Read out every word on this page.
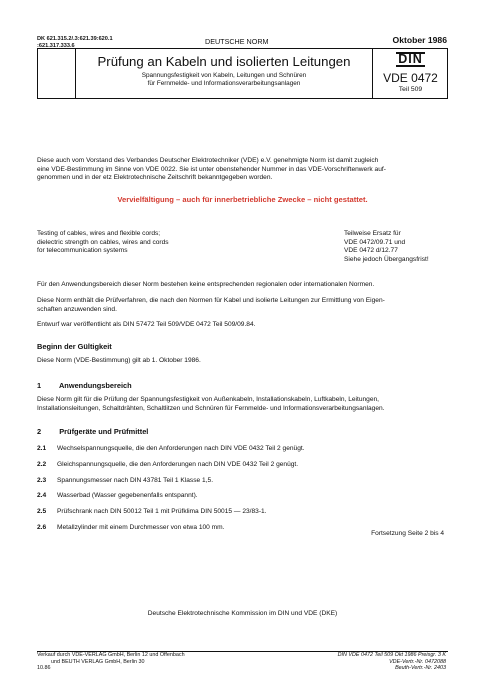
DK 621.315.2/.3:621.39:620.1
:621.317.333.6	DEUTSCHE NORM	Oktober 1986
Prüfung an Kabeln und isolierten Leitungen
Spannungsfestigkeit von Kabeln, Leitungen und Schnüren
für Fernmelde- und Informationsverarbeitungsanlagen
DIN
VDE 0472
Teil 509
Diese auch vom Vorstand des Verbandes Deutscher Elektrotechniker (VDE) e.V. genehmigte Norm ist damit zugleich
eine VDE-Bestimmung im Sinne von VDE 0022. Sie ist unter obenstehender Nummer in das VDE-Vorschriftenwerk auf-
genommen und in der etz Elektrotechnische Zeitschrift bekanntgegeben worden.
Vervielfältigung – auch für innerbetriebliche Zwecke – nicht gestattet.
Testing of cables, wires and flexible cords;
dielectric strength on cables, wires and cords
for telecommunication systems
Teilweise Ersatz für
VDE 0472/09.71 und
VDE 0472 d/12.77
Siehe jedoch Übergangsfrist!
Für den Anwendungsbereich dieser Norm bestehen keine entsprechenden regionalen oder internationalen Normen.
Diese Norm enthält die Prüfverfahren, die nach den Normen für Kabel und isolierte Leitungen zur Ermittlung von Eigen-
schaften anzuwenden sind.
Entwurf war veröffentlicht als DIN 57472 Teil 509/VDE 0472 Teil 509/09.84.
Beginn der Gültigkeit
Diese Norm (VDE-Bestimmung) gilt ab 1. Oktober 1986.
1 Anwendungsbereich
Diese Norm gilt für die Prüfung der Spannungsfestigkeit von Außenkabeln, Installationskabeln, Luftkabeln, Leitungen,
Installationsleitungen, Schaltdrähten, Schaltlitzen und Schnüren für Fernmelde- und Informationsverarbeitungsanlagen.
2 Prüfgeräte und Prüfmittel
2.1	Wechselspannungsquelle, die den Anforderungen nach DIN VDE 0432 Teil 2 genügt.
2.2	Gleichspannungsquelle, die den Anforderungen nach DIN VDE 0432 Teil 2 genügt.
2.3	Spannungsmesser nach DIN 43781 Teil 1 Klasse 1,5.
2.4	Wasserbad (Wasser gegebenenfalls entspannt).
2.5	Prüfschrank nach DIN 50012 Teil 1 mit Prüfklima DIN 50015 — 23/83-1.
2.6	Metallzylinder mit einem Durchmesser von etwa 100 mm.
Fortsetzung Seite 2 bis 4
Deutsche Elektrotechnische Kommission im DIN und VDE (DKE)
Verkauf durch VDE-VERLAG GmbH, Berlin 12 und Offenbach
und BEUTH VERLAG GmbH, Berlin 30
10.86
DIN VDE 0472 Teil 509 Okt 1986 Preisgr. 3 K
VDE-Vertr.-Nr. 0472088
Beuth-Vertr.-Nr. 2403
